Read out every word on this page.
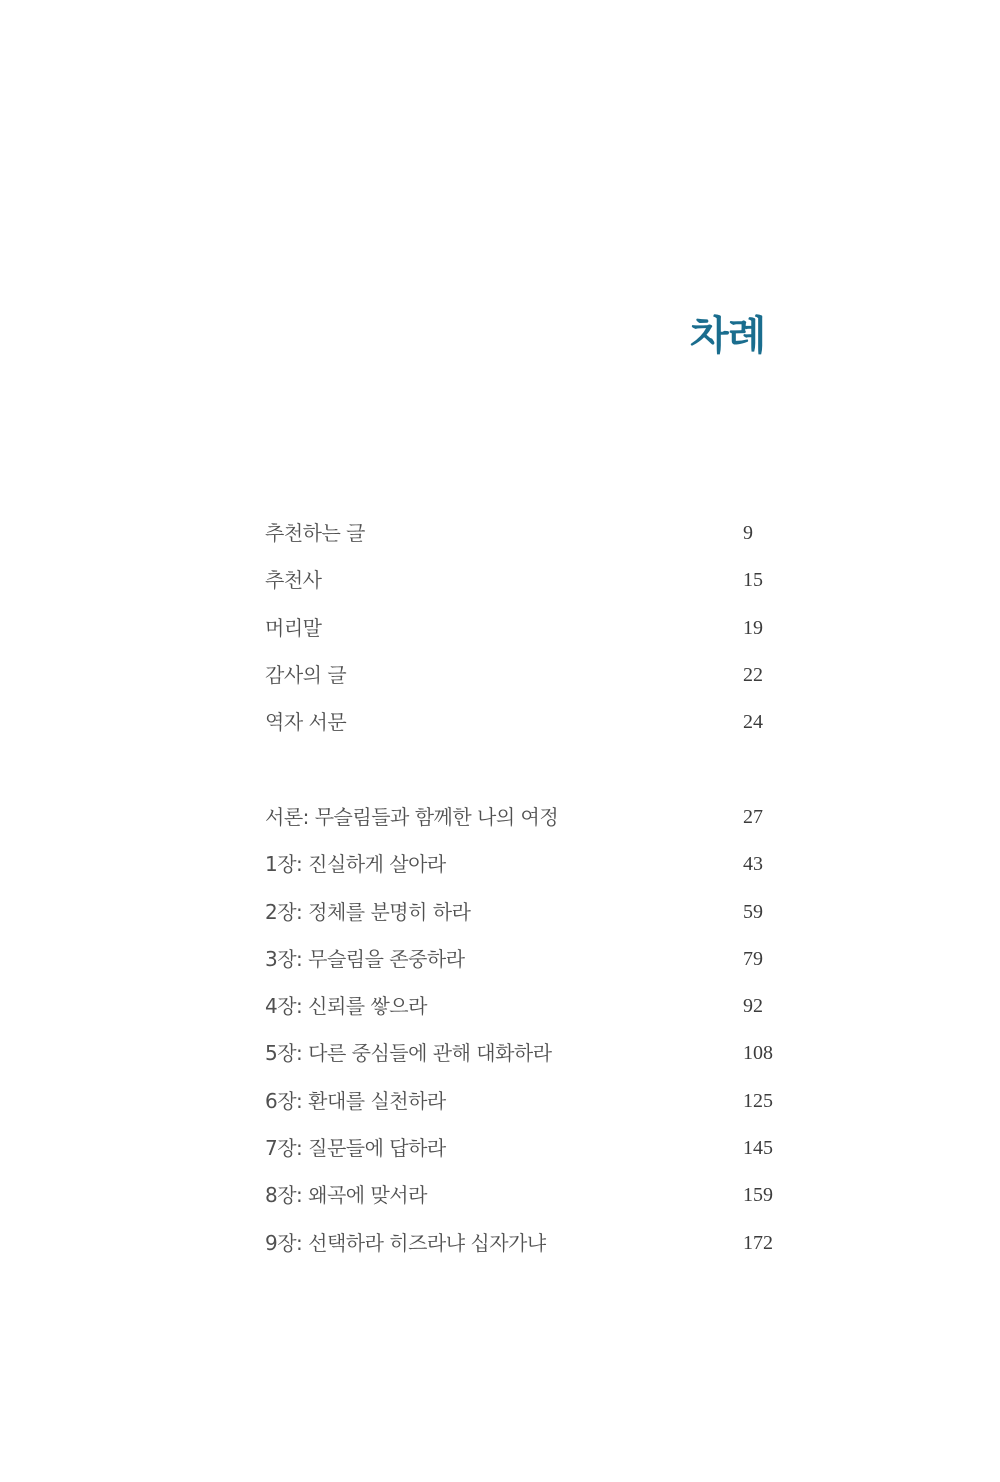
차례
추천하는 글	9
추천사	15
머리말	19
감사의 글	22
역자 서문	24
서론: 무슬림들과 함께한 나의 여정	27
1장: 진실하게 살아라	43
2장: 정체를 분명히 하라	59
3장: 무슬림을 존중하라	79
4장: 신뢰를 쌓으라	92
5장: 다른 중심들에 관해 대화하라	108
6장: 환대를 실천하라	125
7장: 질문들에 답하라	145
8장: 왜곡에 맞서라	159
9장: 선택하라 히즈라냐 십자가냐	172
